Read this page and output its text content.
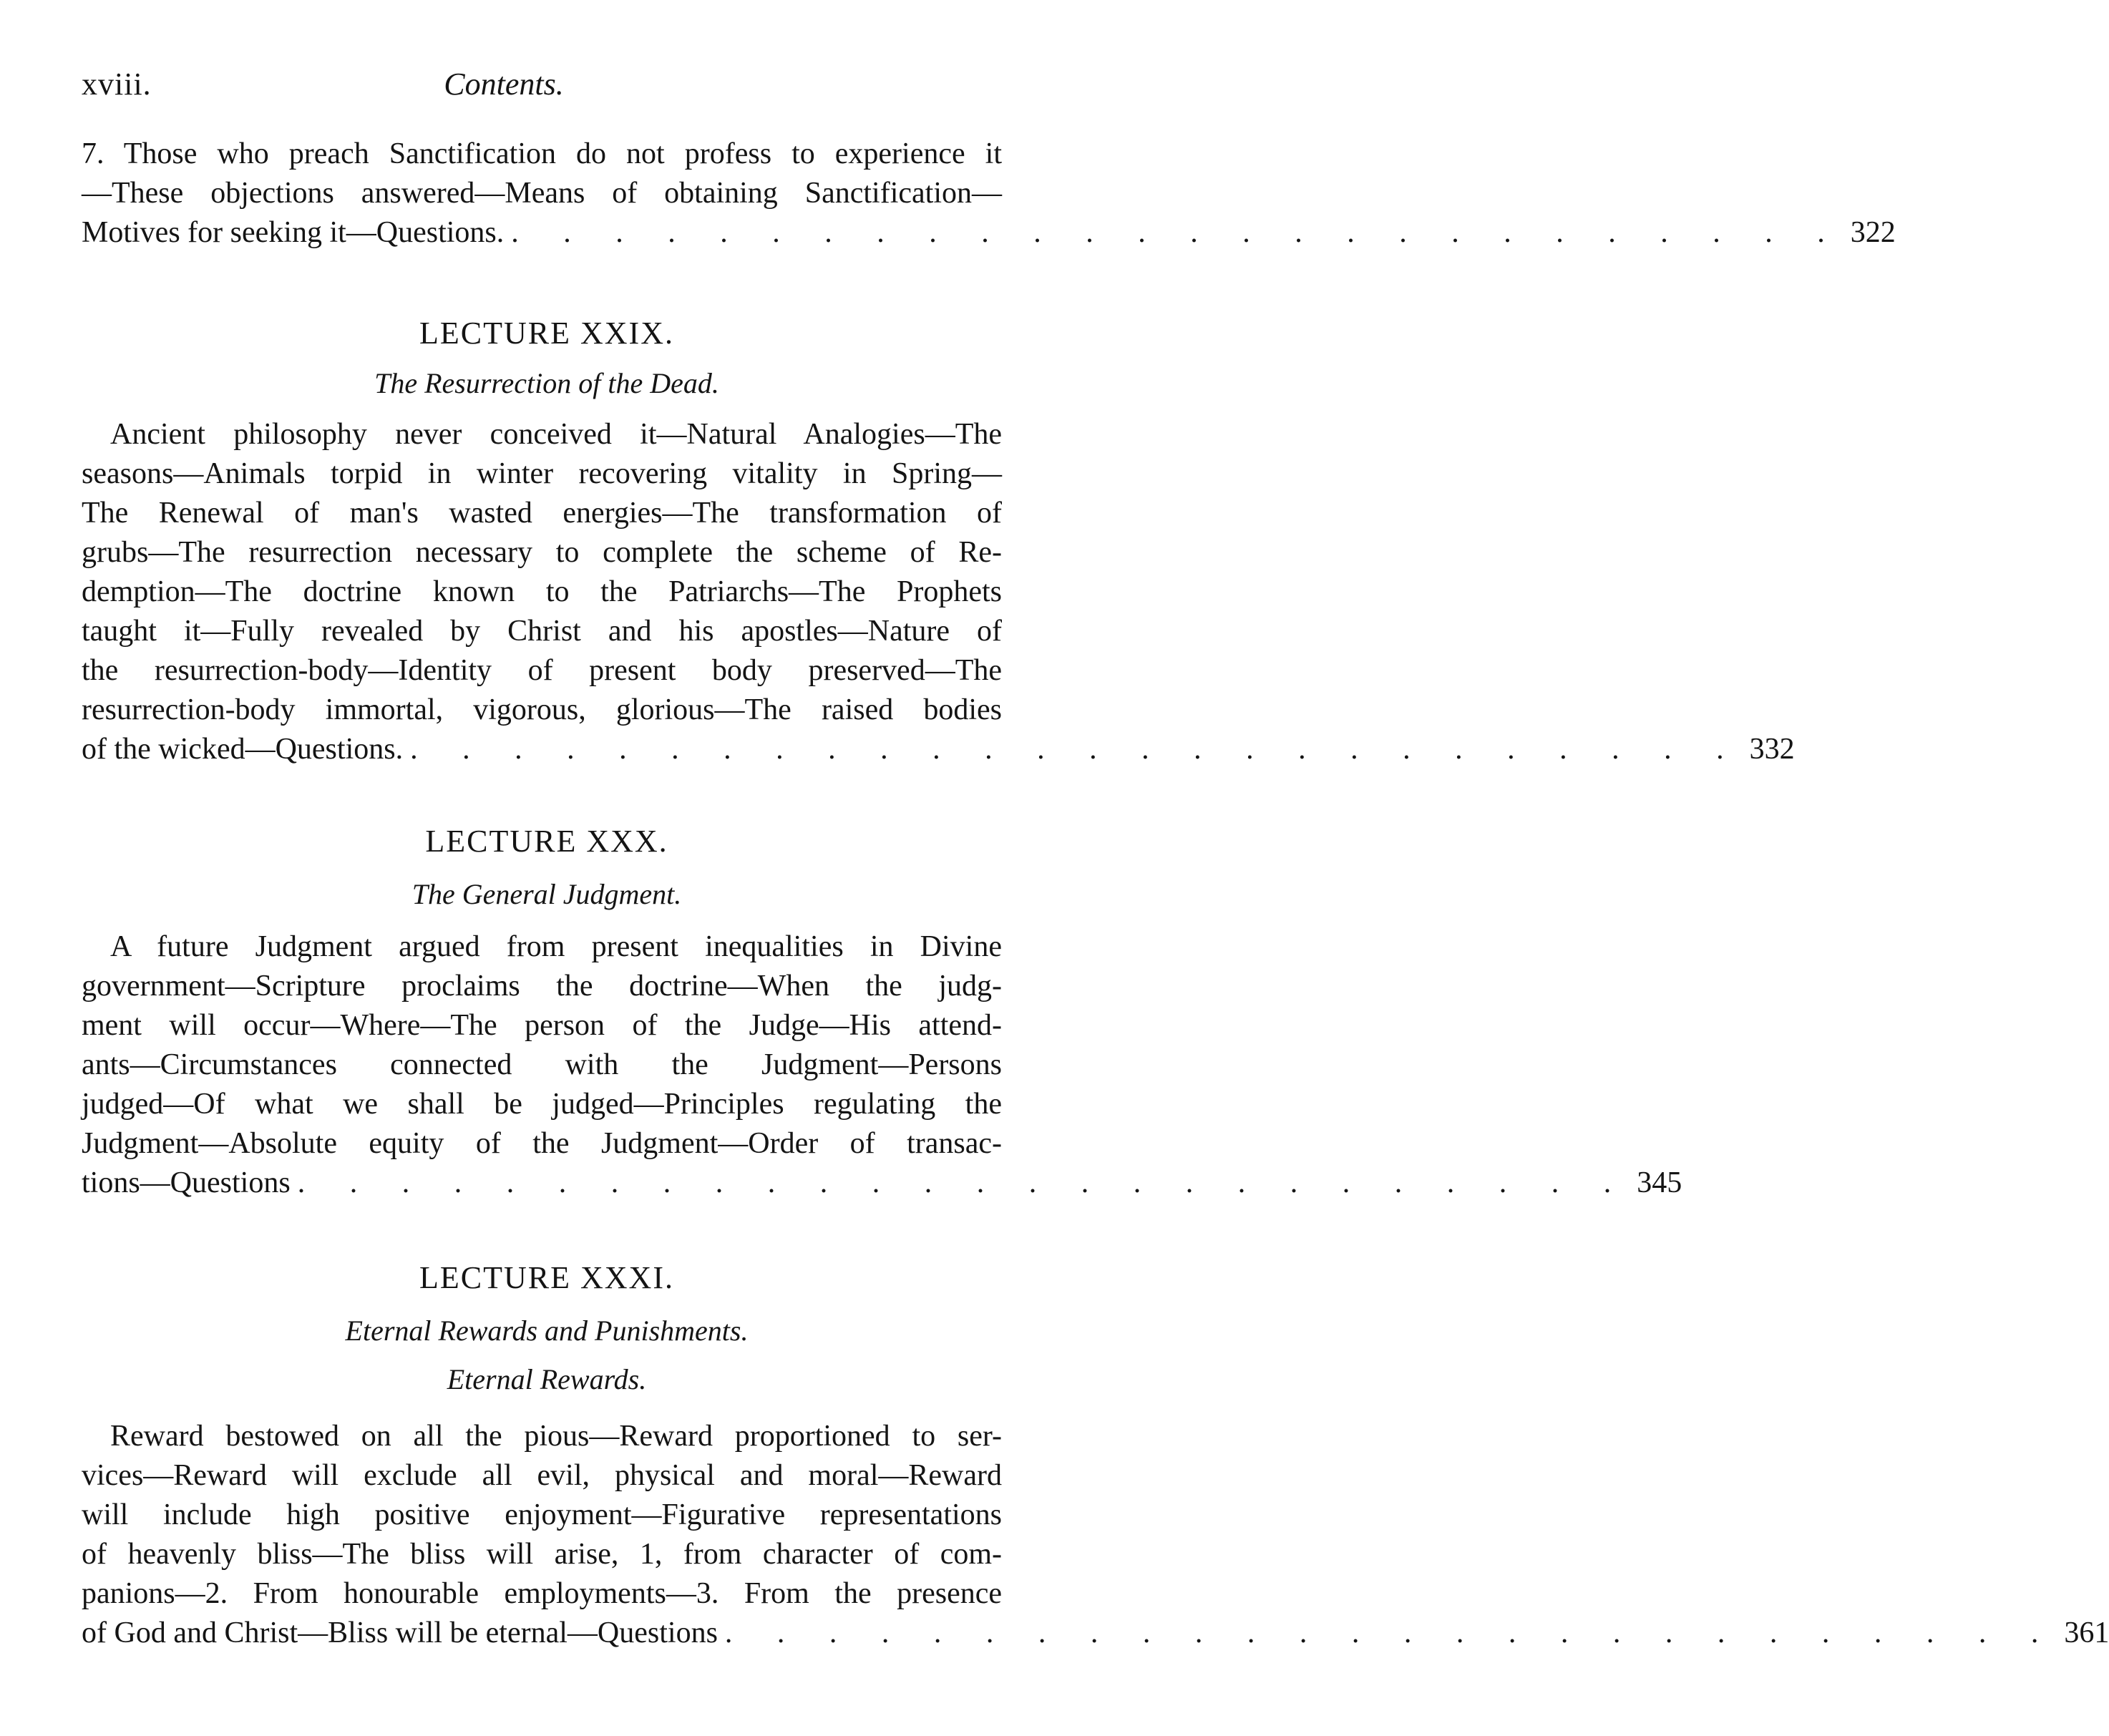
xviii.	Contents.
7. Those who preach Sanctification do not profess to experience it
—These objections answered—Means of obtaining Sanctification—
Motives for seeking it—Questions. . . . . . . . . . . . . . . . . . . . . . . . . . . 322
LECTURE XXIX.
The Resurrection of the Dead.
Ancient philosophy never conceived it—Natural Analogies—The
seasons—Animals torpid in winter recovering vitality in Spring—
The Renewal of man's wasted energies—The transformation of
grubs—The resurrection necessary to complete the scheme of Re-
demption—The doctrine known to the Patriarchs—The Prophets
taught it—Fully revealed by Christ and his apostles—Nature of
the resurrection-body—Identity of present body preserved—The
resurrection-body immortal, vigorous, glorious—The raised bodies
of the wicked—Questions. . . . . . . . . . . . . . . . . . . . . . . . . . . 332
LECTURE XXX.
The General Judgment.
A future Judgment argued from present inequalities in Divine
government—Scripture proclaims the doctrine—When the judg-
ment will occur—Where—The person of the Judge—His attend-
ants—Circumstances connected with the Judgment—Persons
judged—Of what we shall be judged—Principles regulating the
Judgment—Absolute equity of the Judgment—Order of transac-
tions—Questions . . . . . . . . . . . . . . . . . . . . . . . . . . 345
LECTURE XXXI.
Eternal Rewards and Punishments.
Eternal Rewards.
Reward bestowed on all the pious—Reward proportioned to ser-
vices—Reward will exclude all evil, physical and moral—Reward
will include high positive enjoyment—Figurative representations
of heavenly bliss—The bliss will arise, 1, from character of com-
panions—2. From honourable employments—3. From the presence
of God and Christ—Bliss will be eternal—Questions . . . . . . . . . . . . . . . . . . . . . . . . . . 361
